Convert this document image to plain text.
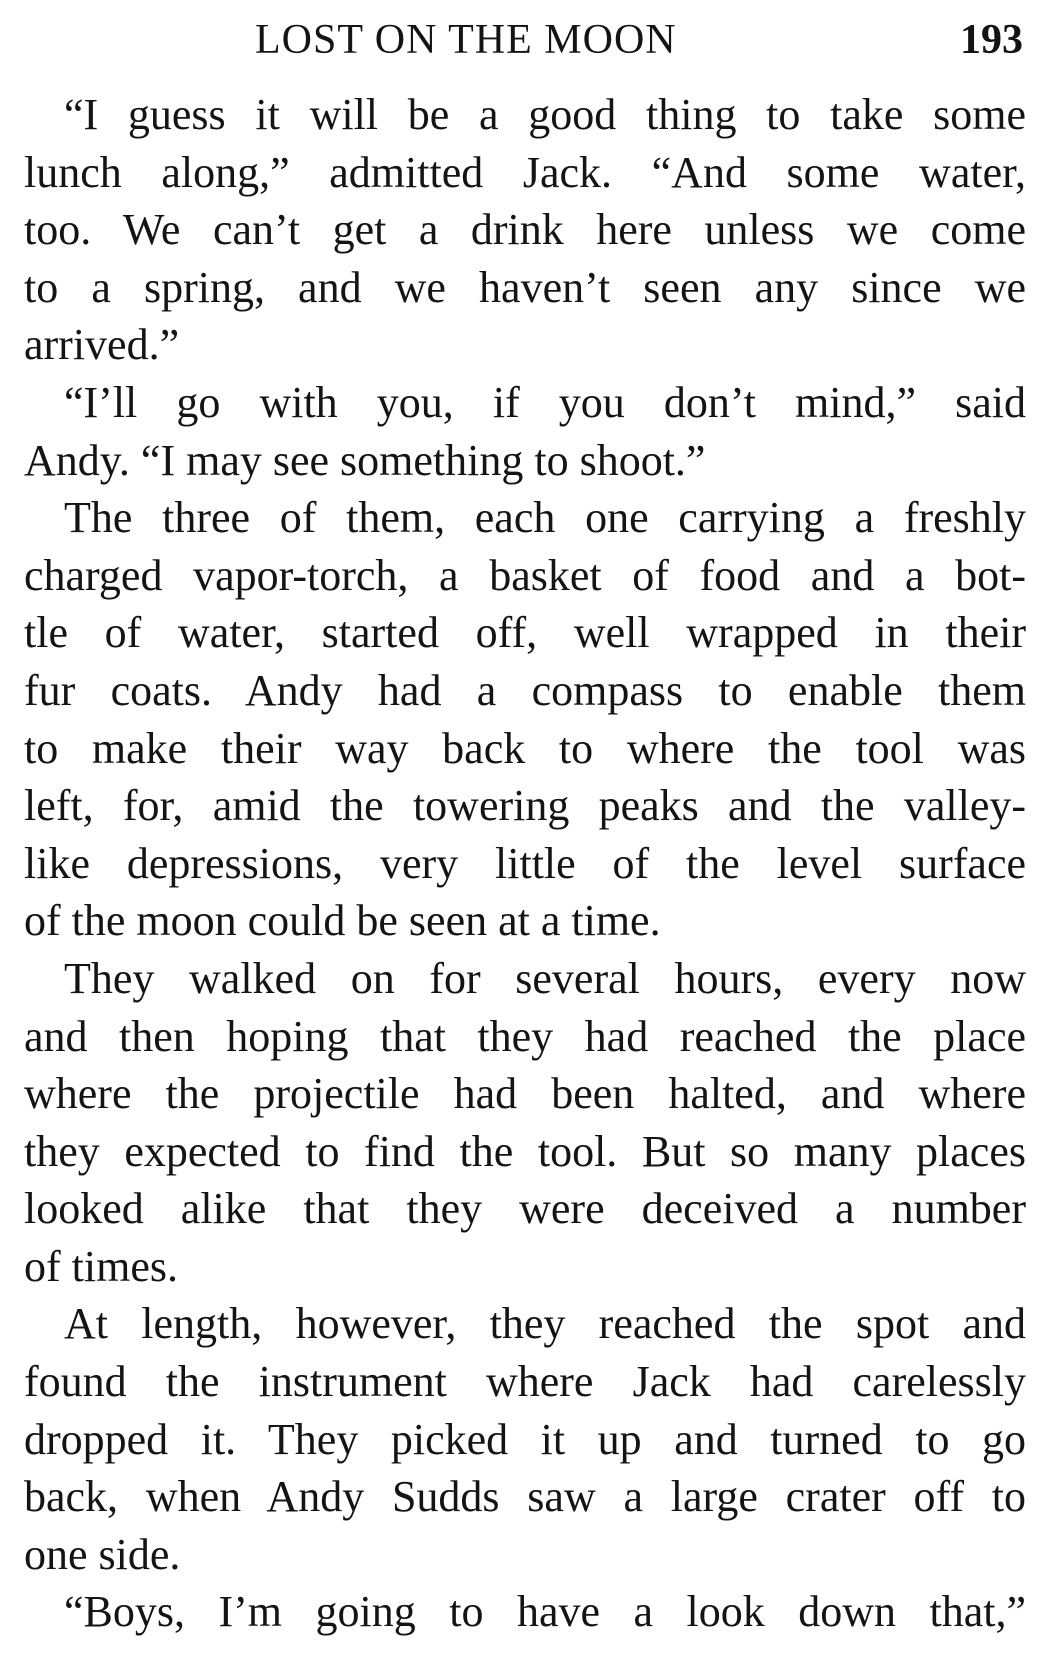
LOST ON THE MOON	193
“I guess it will be a good thing to take some
lunch along,” admitted Jack. “And some water,
too. We can’t get a drink here unless we come
to a spring, and we haven’t seen any since we
arrived.”
“I’ll go with you, if you don’t mind,” said
Andy. “I may see something to shoot.”
The three of them, each one carrying a freshly
charged vapor-torch, a basket of food and a bot-
tle of water, started off, well wrapped in their
fur coats. Andy had a compass to enable them
to make their way back to where the tool was
left, for, amid the towering peaks and the valley-
like depressions, very little of the level surface
of the moon could be seen at a time.
They walked on for several hours, every now
and then hoping that they had reached the place
where the projectile had been halted, and where
they expected to find the tool. But so many places
looked alike that they were deceived a number
of times.
At length, however, they reached the spot and
found the instrument where Jack had carelessly
dropped it. They picked it up and turned to go
back, when Andy Sudds saw a large crater off to
one side.
“Boys, I’m going to have a look down that,”
